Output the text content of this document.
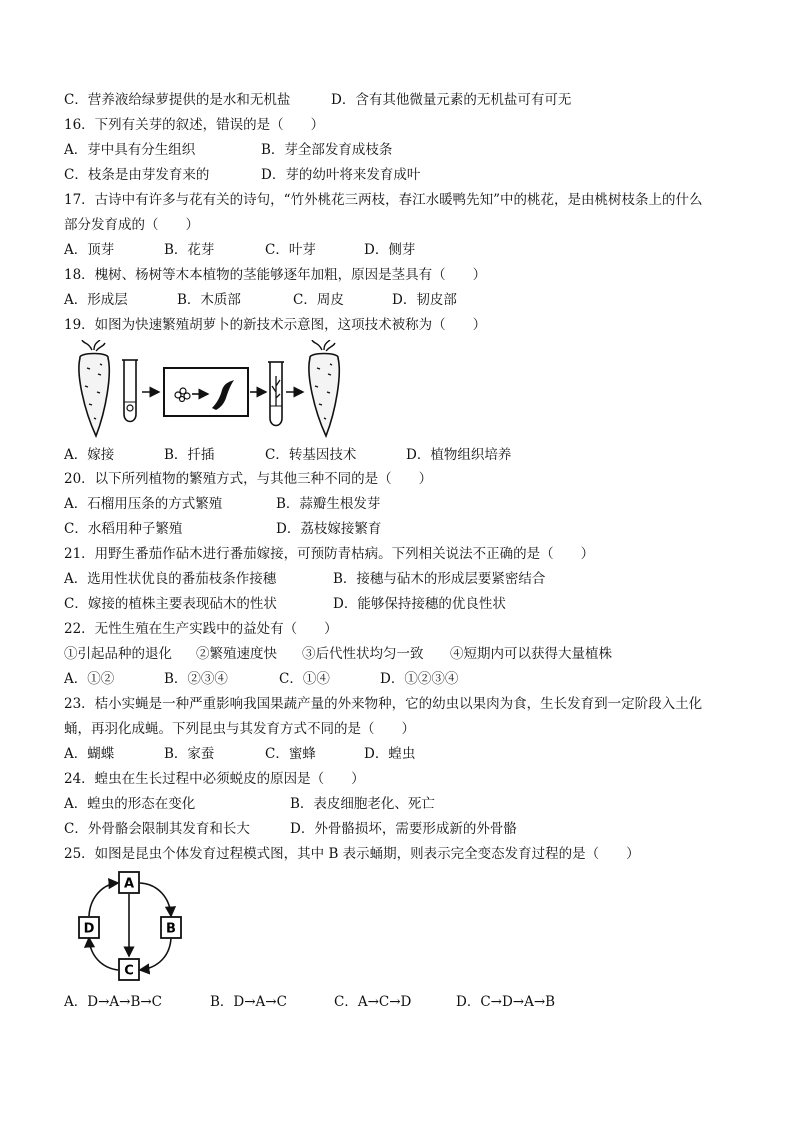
C．营养液给绿萝提供的是水和无机盐	D．含有其他微量元素的无机盐可有可无
16．下列有关芽的叙述，错误的是（　　）
A．芽中具有分生组织	B．芽全部发育成枝条
C．枝条是由芽发育来的	D．芽的幼叶将来发育成叶
17．古诗中有许多与花有关的诗句，“竹外桃花三两枝，春江水暖鸭先知”中的桃花，是由桃树枝条上的什么
部分发育成的（　　）
A．顶芽	B．花芽	C．叶芽	D．侧芽
18．槐树、杨树等木本植物的茎能够逐年加粗，原因是茎具有（　　）
A．形成层	B．木质部	C．周皮	D．韧皮部
19．如图为快速繁殖胡萝卜的新技术示意图，这项技术被称为（　　）
A．嫁接	B．扦插	C．转基因技术	D．植物组织培养
20．以下所列植物的繁殖方式，与其他三种不同的是（　　）
A．石榴用压条的方式繁殖	B．蒜瓣生根发芽
C．水稻用种子繁殖	D．荔枝嫁接繁育
21．用野生番茄作砧木进行番茄嫁接，可预防青枯病。下列相关说法不正确的是（　　）
A．选用性状优良的番茄枝条作接穗	B．接穗与砧木的形成层要紧密结合
C．嫁接的植株主要表现砧木的性状	D．能够保持接穗的优良性状
22．无性生殖在生产实践中的益处有（　　）
①引起品种的退化 ②繁殖速度快 ③后代性状均匀一致 ④短期内可以获得大量植株
A．①②	B．②③④	C．①④	D．①②③④
23．桔小实蝇是一种严重影响我国果蔬产量的外来物种，它的幼虫以果肉为食，生长发育到一定阶段入土化
蛹，再羽化成蝇。下列昆虫与其发育方式不同的是（　　）
A．蝴蝶	B．家蚕	C．蜜蜂	D．蝗虫
24．蝗虫在生长过程中必须蜕皮的原因是（　　）
A．蝗虫的形态在变化	B．表皮细胞老化、死亡
C．外骨骼会限制其发育和长大	D．外骨骼损坏，需要形成新的外骨骼
25．如图是昆虫个体发育过程模式图，其中 B 表示蛹期，则表示完全变态发育过程的是（　　）
A
B
C
D
A．D→A→B→C	B．D→A→C	C．A→C→D	D．C→D→A→B
